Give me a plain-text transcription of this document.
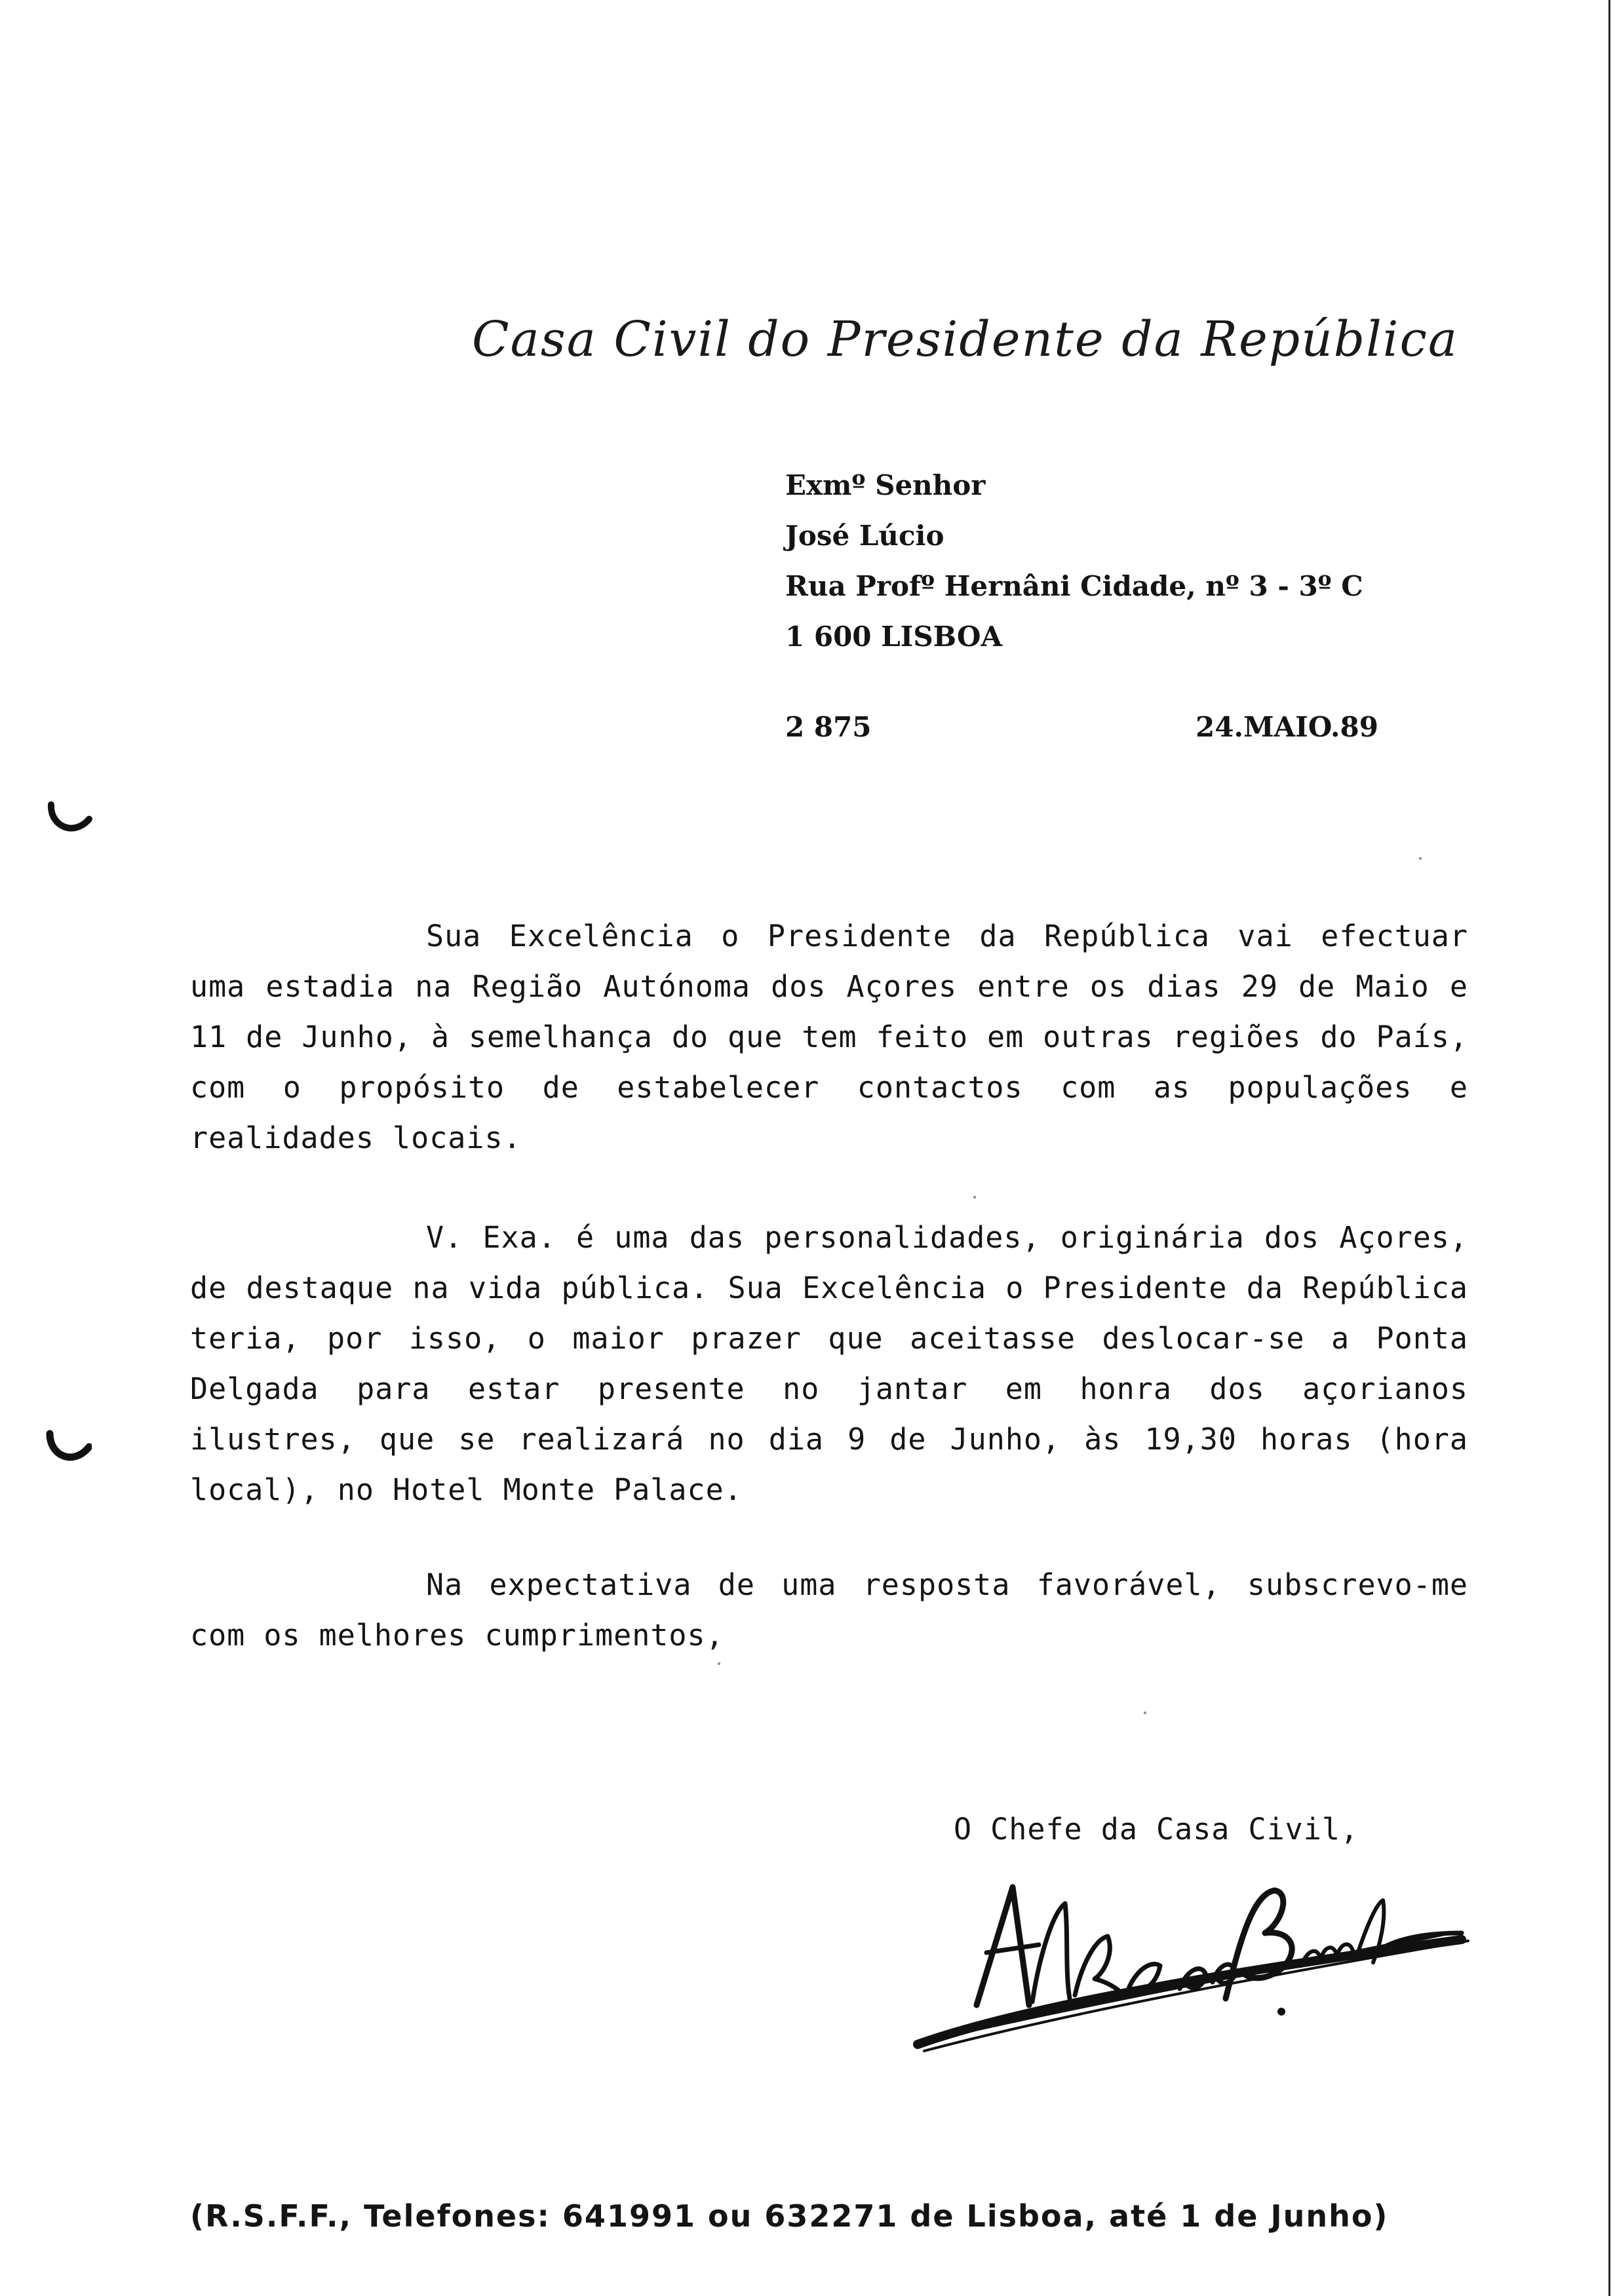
Casa Civil do Presidente da República
Exmº Senhor
José Lúcio
Rua Profº Hernâni Cidade, nº 3 - 3º C
1 600 LISBOA
2 875	24.MAIO.89
Sua Excelência o Presidente da República vai efectuar uma estadia na Região Autónoma dos Açores entre os dias 29 de Maio e 11 de Junho, à semelhança do que tem feito em outras regiões do País, com o propósito de estabelecer contactos com as populações e realidades locais.
V. Exa. é uma das personalidades, originária dos Açores, de destaque na vida pública. Sua Excelência o Presidente da República teria, por isso, o maior prazer que aceitasse deslocar-se a Ponta Delgada para estar presente no jantar em honra dos açorianos ilustres, que se realizará no dia 9 de Junho, às 19,30 horas (hora local), no Hotel Monte Palace.
Na expectativa de uma resposta favorável, subscrevo-me com os melhores cumprimentos,
O Chefe da Casa Civil,
(R.S.F.F., Telefones: 641991 ou 632271 de Lisboa, até 1 de Junho)
